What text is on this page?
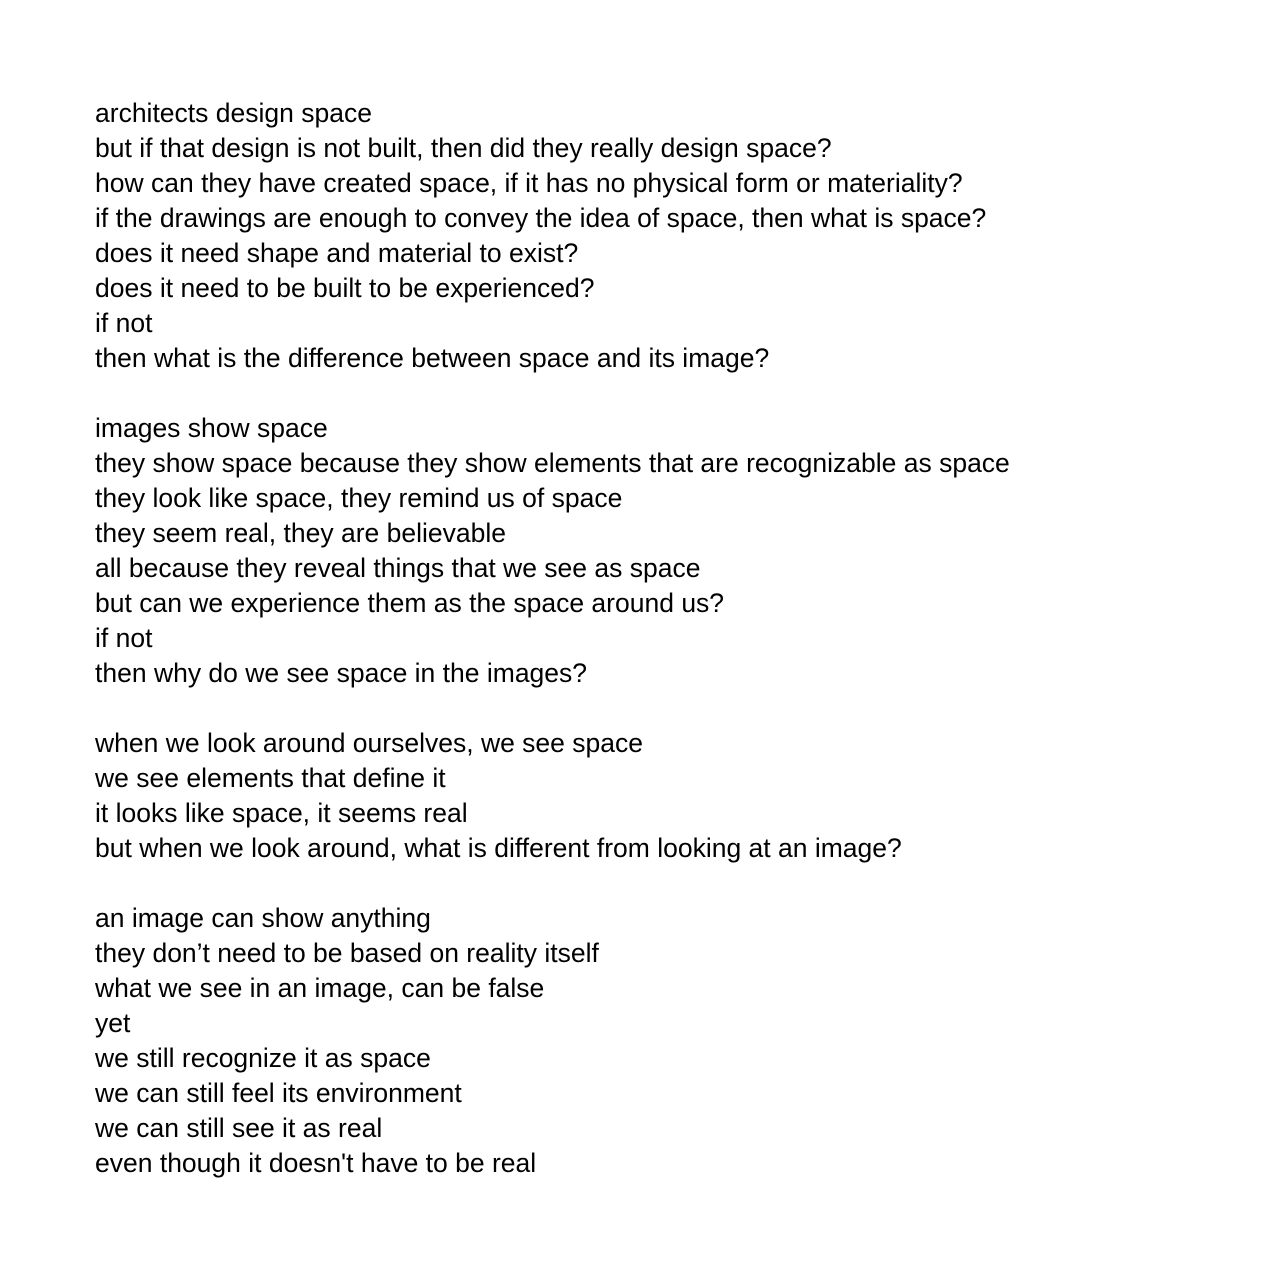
architects design space
but if that design is not built, then did they really design space?
how can they have created space, if it has no physical form or materiality?
if the drawings are enough to convey the idea of space, then what is space?
does it need shape and material to exist?
does it need to be built to be experienced?
if not
then what is the difference between space and its image?
images show space
they show space because they show elements that are recognizable as space
they look like space, they remind us of space
they seem real, they are believable
all because they reveal things that we see as space
but can we experience them as the space around us?
if not
then why do we see space in the images?
when we look around ourselves, we see space
we see elements that define it
it looks like space, it seems real
but when we look around, what is different from looking at an image?
an image can show anything
they don’t need to be based on reality itself
what we see in an image, can be false
yet
we still recognize it as space
we can still feel its environment
we can still see it as real
even though it doesn't have to be real
